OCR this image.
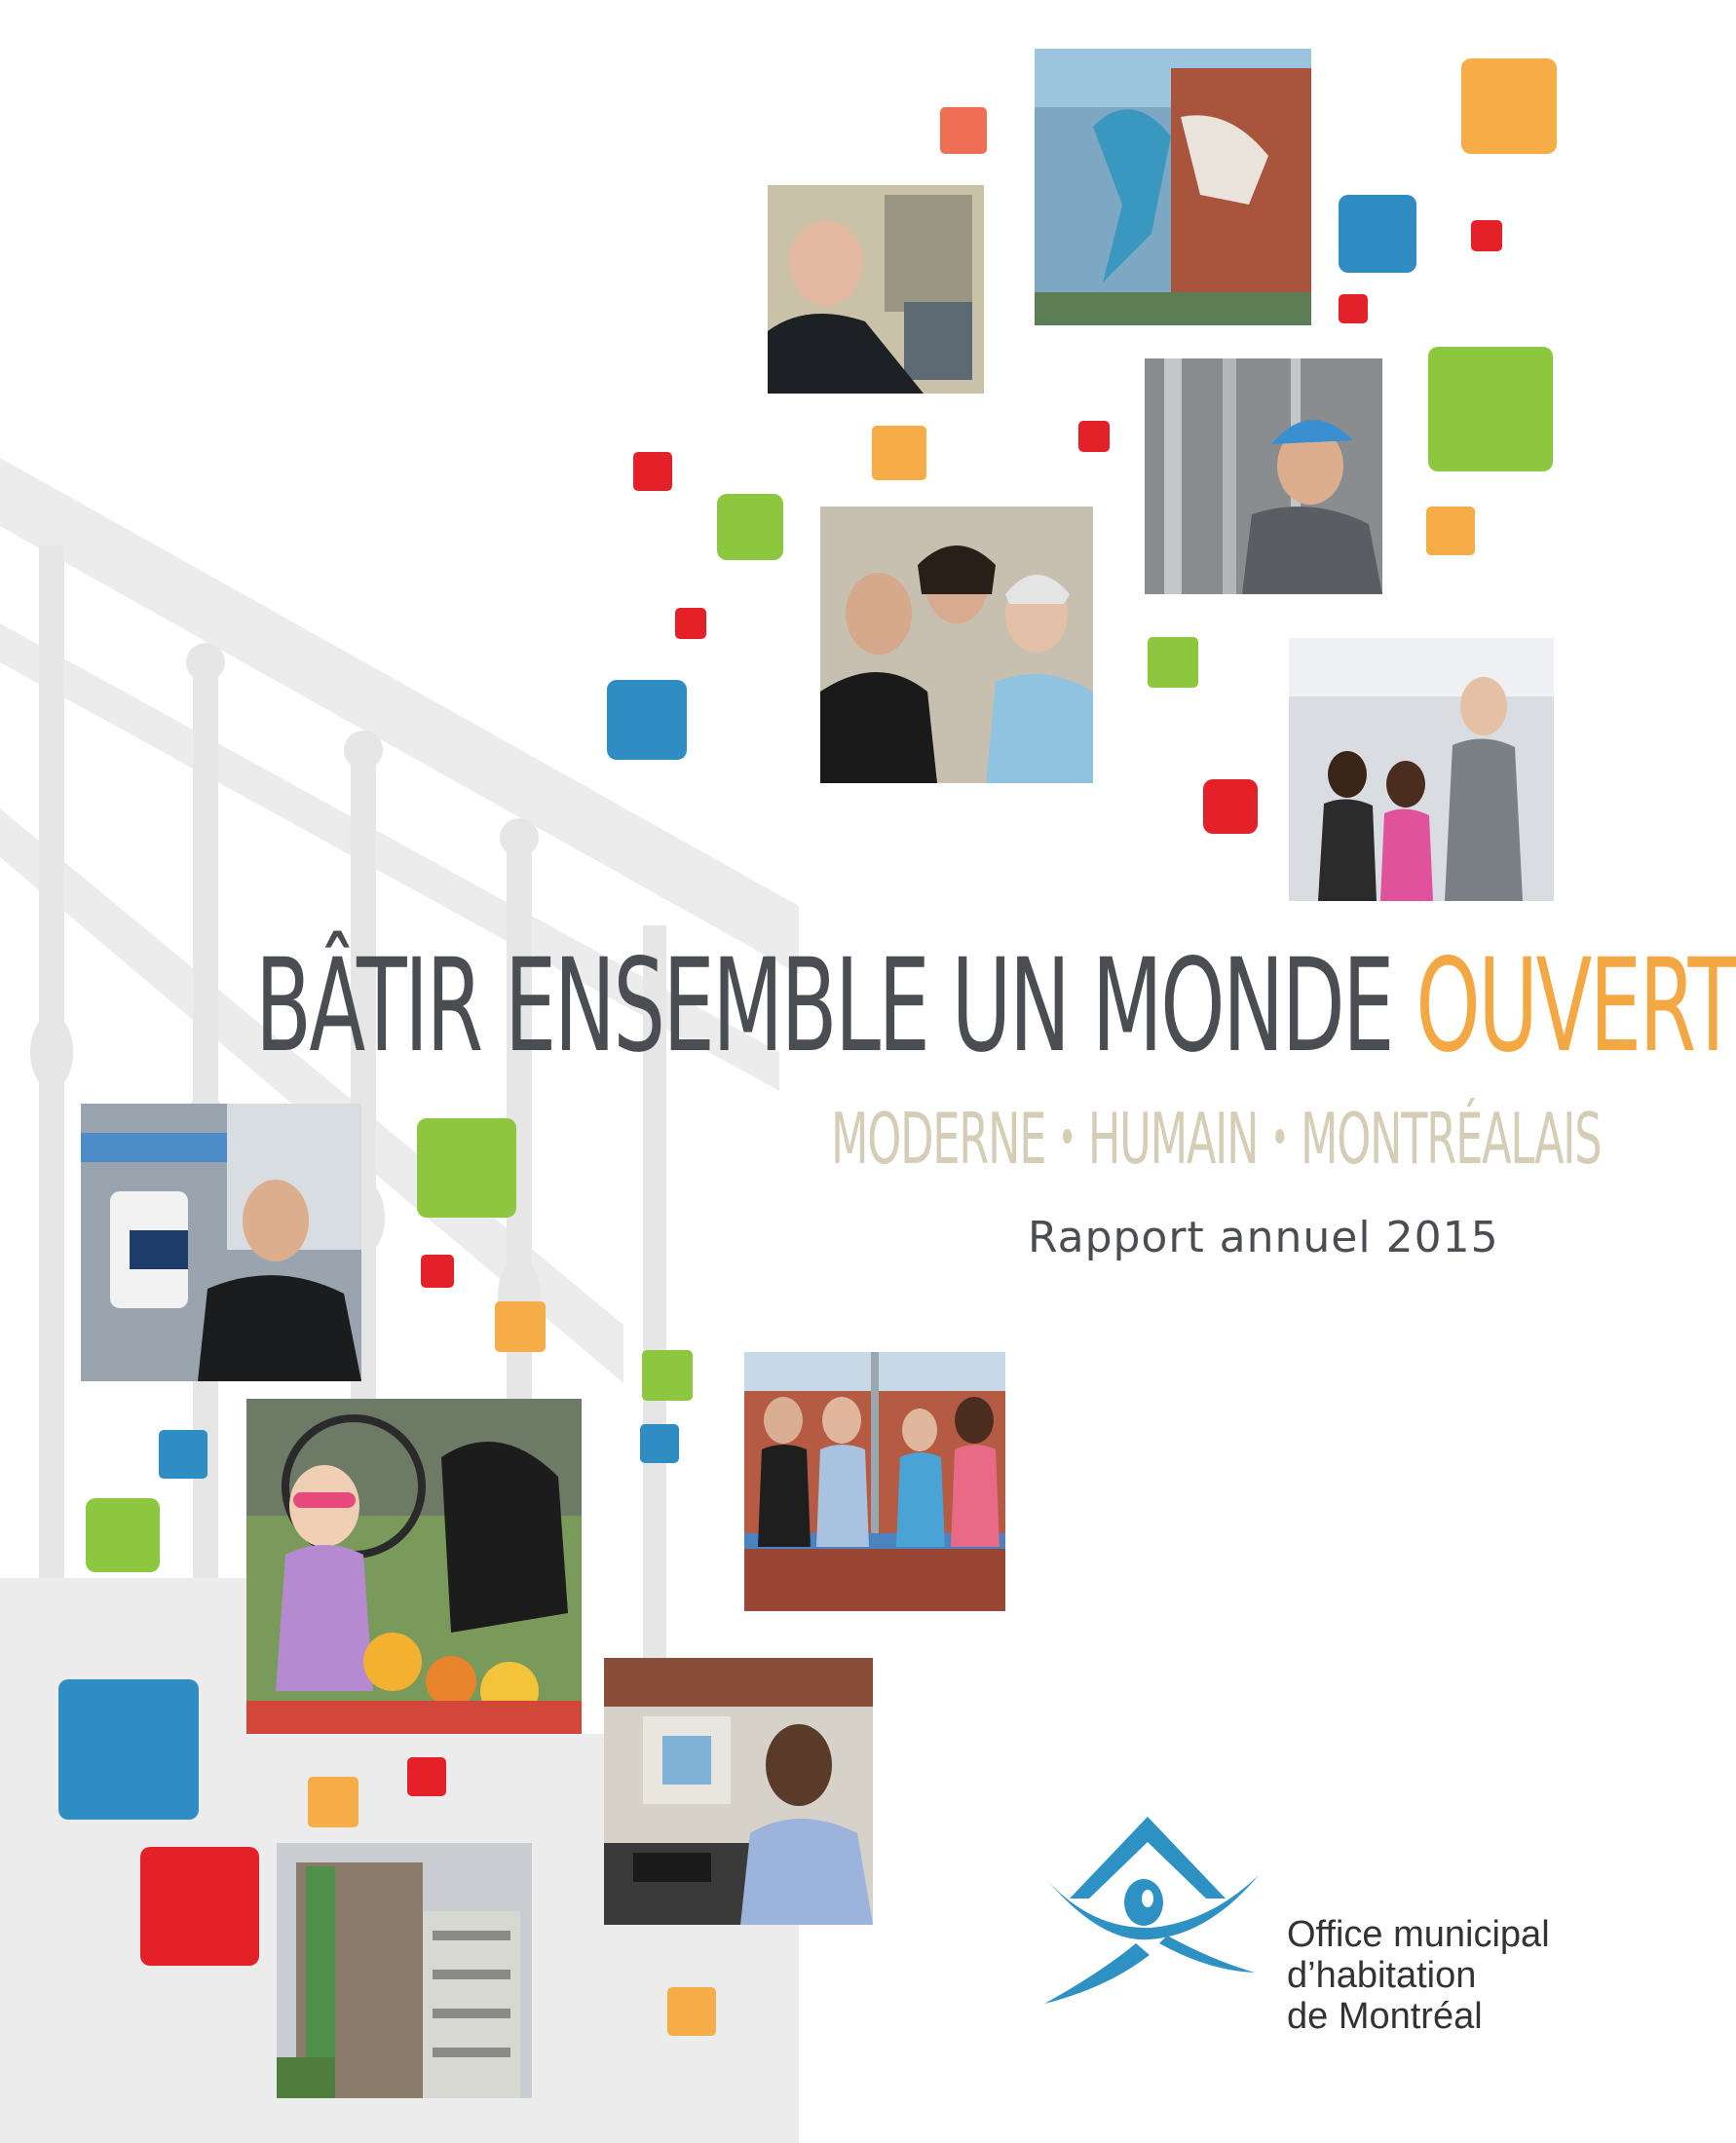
BÂTIR ENSEMBLE UN MONDE OUVERT
MODERNE • HUMAIN • MONTRÉALAIS
Rapport annuel 2015
Office municipal
d’habitation
de Montréal
